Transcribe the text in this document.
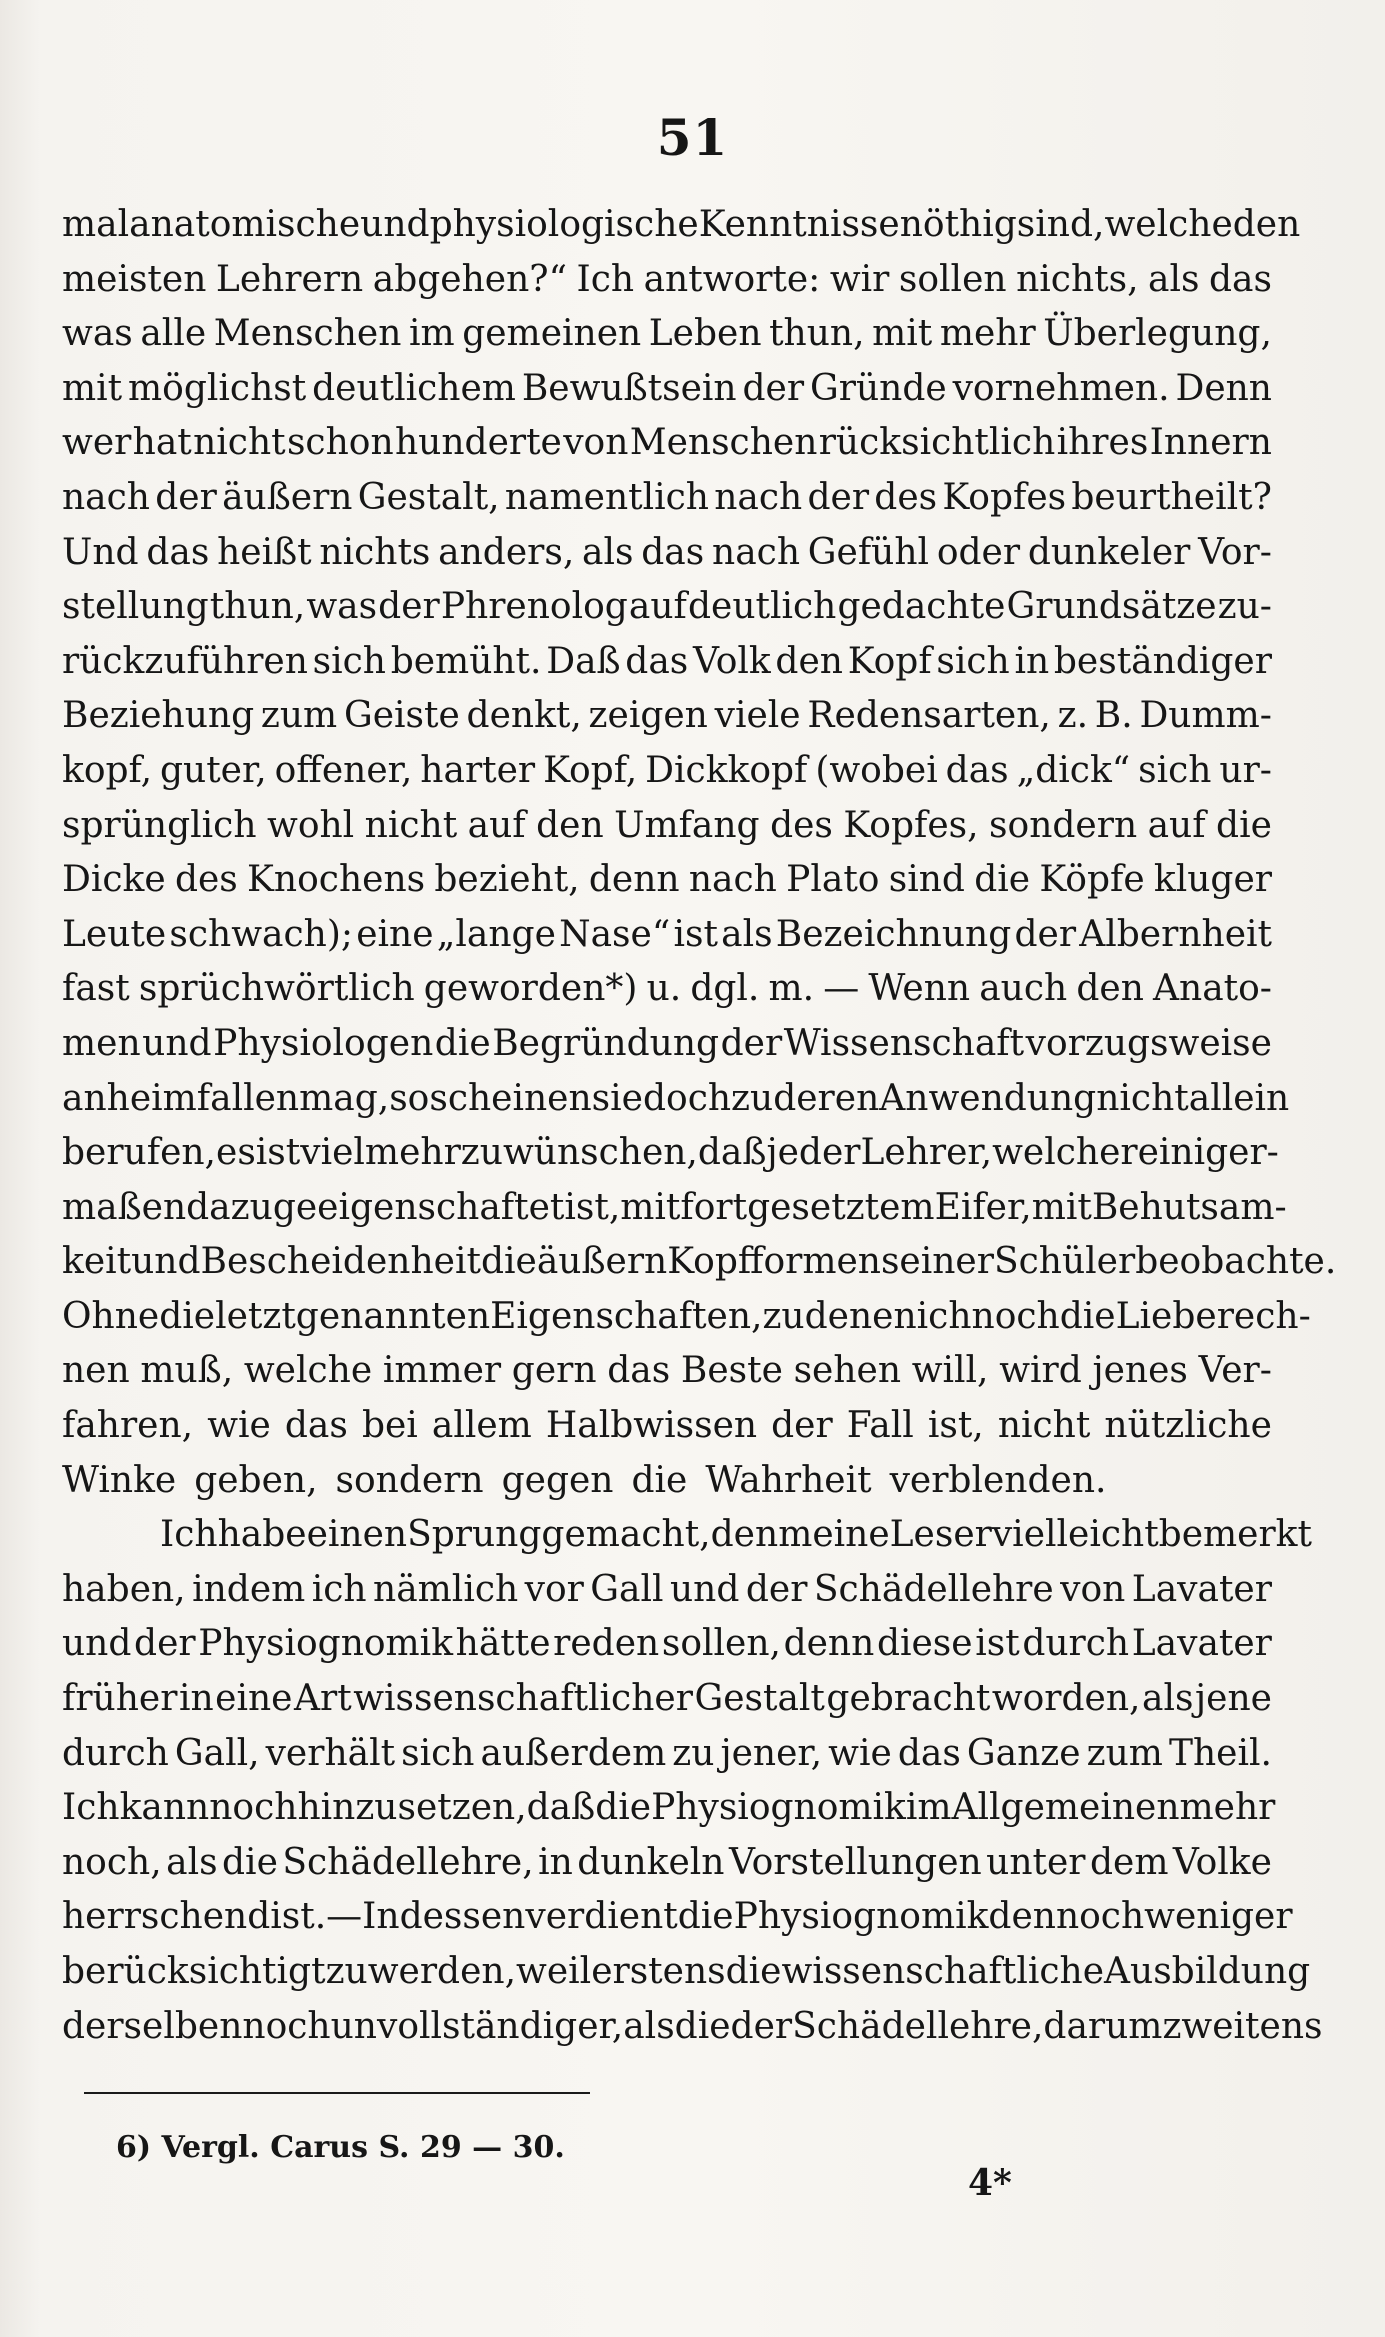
51
mal anatomische und physiologische Kenntnisse nöthig sind, welche den
meisten Lehrern abgehen?“ Ich antworte: wir sollen nichts, als das
was alle Menschen im gemeinen Leben thun, mit mehr Überlegung,
mit möglichst deutlichem Bewußtsein der Gründe vornehmen. Denn
wer hat nicht schon hunderte von Menschen rücksichtlich ihres Innern
nach der äußern Gestalt, namentlich nach der des Kopfes beurtheilt?
Und das heißt nichts anders, als das nach Gefühl oder dunkeler Vor-
stellung thun, was der Phrenolog auf deutlich gedachte Grundsätze zu-
rückzuführen sich bemüht. Daß das Volk den Kopf sich in beständiger
Beziehung zum Geiste denkt, zeigen viele Redensarten, z. B. Dumm-
kopf, guter, offener, harter Kopf, Dickkopf (wobei das „dick“ sich ur-
sprünglich wohl nicht auf den Umfang des Kopfes, sondern auf die
Dicke des Knochens bezieht, denn nach Plato sind die Köpfe kluger
Leute schwach); eine „lange Nase“ ist als Bezeichnung der Albernheit
fast sprüchwörtlich geworden*) u. dgl. m. — Wenn auch den Anato-
men und Physiologen die Begründung der Wissenschaft vorzugsweise
anheimfallen mag, so scheinen sie doch zu deren Anwendung nicht allein
berufen, es ist vielmehr zu wünschen, daß jeder Lehrer, welcher einiger-
maßen dazu geeigenschaftet ist, mit fortgesetztem Eifer, mit Behutsam-
keit und Bescheidenheit die äußern Kopfformen seiner Schüler beobachte.
Ohne die letztgenannten Eigenschaften, zu denen ich noch die Liebe rech-
nen muß, welche immer gern das Beste sehen will, wird jenes Ver-
fahren, wie das bei allem Halbwissen der Fall ist, nicht nützliche
Winke geben, sondern gegen die Wahrheit verblenden.
Ich habe einen Sprung gemacht, den meine Leser vielleicht bemerkt
haben, indem ich nämlich vor Gall und der Schädellehre von Lavater
und der Physiognomik hätte reden sollen, denn diese ist durch Lavater
früher in eine Art wissenschaftlicher Gestalt gebracht worden, als jene
durch Gall, verhält sich außerdem zu jener, wie das Ganze zum Theil.
Ich kann noch hinzusetzen, daß die Physiognomik im Allgemeinen mehr
noch, als die Schädellehre, in dunkeln Vorstellungen unter dem Volke
herrschend ist. — Indessen verdient die Physiognomik dennoch weniger
berücksichtigt zu werden, weil erstens die wissenschaftliche Ausbildung
derselben noch unvollständiger, als die der Schädellehre, darum zweitens
6) Vergl. Carus S. 29 — 30.
4*
